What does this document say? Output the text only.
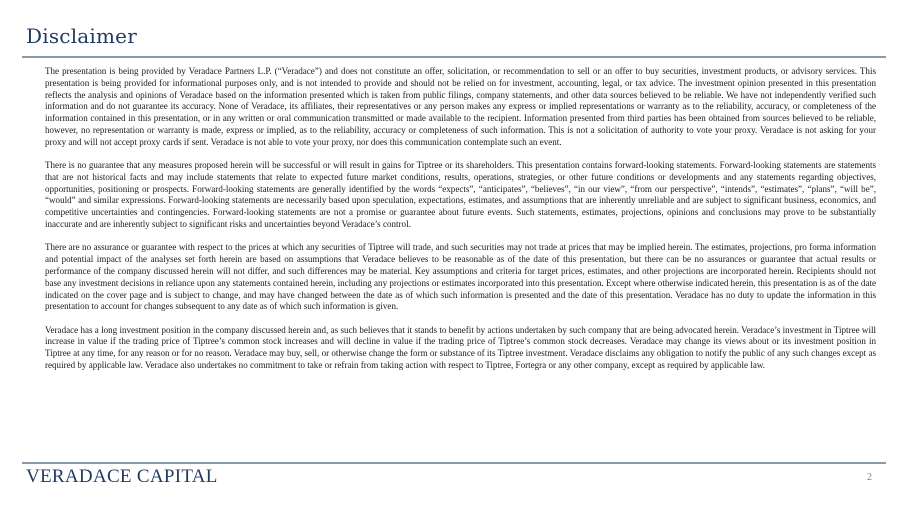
Disclaimer

The presentation is being provided by Veradace Partners L.P. (“Veradace”) and does not constitute an offer, solicitation, or recommendation to sell or an offer to buy securities, investment products, or advisory services. This presentation is being provided for informational purposes only, and is not intended to provide and should not be relied on for investment, accounting, legal, or tax advice. The investment opinion presented in this presentation reflects the analysis and opinions of Veradace based on the information presented which is taken from public filings, company statements, and other data sources believed to be reliable. We have not independently verified such information and do not guarantee its accuracy. None of Veradace, its affiliates, their representatives or any person makes any express or implied representations or warranty as to the reliability, accuracy, or completeness of the information contained in this presentation, or in any written or oral communication transmitted or made available to the recipient. Information presented from third parties has been obtained from sources believed to be reliable, however, no representation or warranty is made, express or implied, as to the reliability, accuracy or completeness of such information. This is not a solicitation of authority to vote your proxy. Veradace is not asking for your proxy and will not accept proxy cards if sent. Veradace is not able to vote your proxy, nor does this communication contemplate such an event.

There is no guarantee that any measures proposed herein will be successful or will result in gains for Tiptree or its shareholders. This presentation contains forward-looking statements. Forward-looking statements are statements that are not historical facts and may include statements that relate to expected future market conditions, results, operations, strategies, or other future conditions or developments and any statements regarding objectives, opportunities, positioning or prospects. Forward-looking statements are generally identified by the words “expects”, “anticipates”, “believes”, “in our view”, “from our perspective”, “intends”, “estimates”, “plans”, “will be”, “would” and similar expressions. Forward-looking statements are necessarily based upon speculation, expectations, estimates, and assumptions that are inherently unreliable and are subject to significant business, economics, and competitive uncertainties and contingencies. Forward-looking statements are not a promise or guarantee about future events. Such statements, estimates, projections, opinions and conclusions may prove to be substantially inaccurate and are inherently subject to significant risks and uncertainties beyond Veradace’s control.

There are no assurance or guarantee with respect to the prices at which any securities of Tiptree will trade, and such securities may not trade at prices that may be implied herein. The estimates, projections, pro forma information and potential impact of the analyses set forth herein are based on assumptions that Veradace believes to be reasonable as of the date of this presentation, but there can be no assurances or guarantee that actual results or performance of the company discussed herein will not differ, and such differences may be material. Key assumptions and criteria for target prices, estimates, and other projections are incorporated herein. Recipients should not base any investment decisions in reliance upon any statements contained herein, including any projections or estimates incorporated into this presentation. Except where otherwise indicated herein, this presentation is as of the date indicated on the cover page and is subject to change, and may have changed between the date as of which such information is presented and the date of this presentation. Veradace has no duty to update the information in this presentation to account for changes subsequent to any date as of which such information is given.

Veradace has a long investment position in the company discussed herein and, as such believes that it stands to benefit by actions undertaken by such company that are being advocated herein. Veradace’s investment in Tiptree will increase in value if the trading price of Tiptree’s common stock increases and will decline in value if the trading price of Tiptree’s common stock decreases. Veradace may change its views about or its investment position in Tiptree at any time, for any reason or for no reason. Veradace may buy, sell, or otherwise change the form or substance of its Tiptree investment. Veradace disclaims any obligation to notify the public of any such changes except as required by applicable law. Veradace also undertakes no commitment to take or refrain from taking action with respect to Tiptree, Fortegra or any other company, except as required by applicable law.

VERADACE CAPITAL	2
